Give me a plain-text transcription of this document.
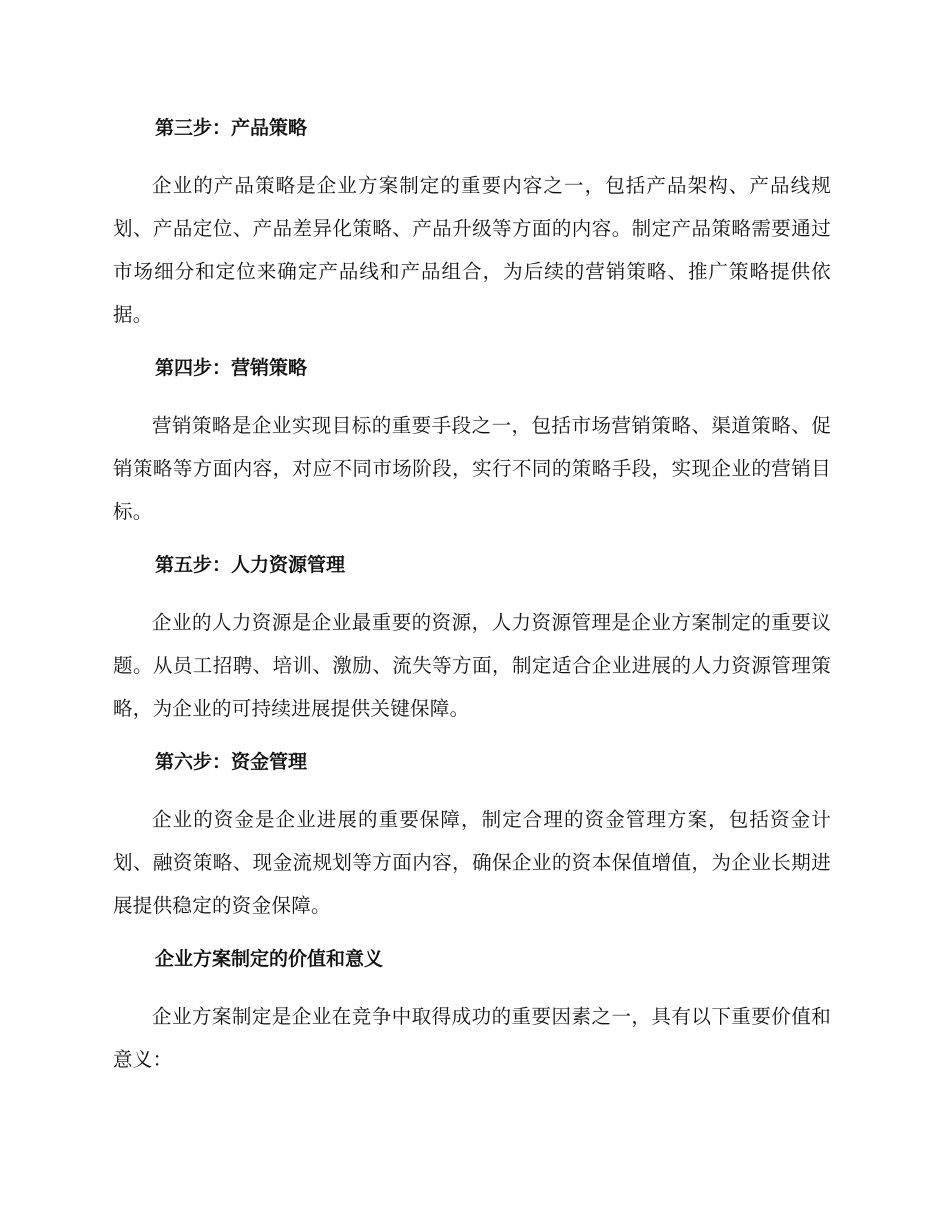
第三步：产品策略

企业的产品策略是企业方案制定的重要内容之一，包括产品架构、产品线规划、产品定位、产品差异化策略、产品升级等方面的内容。制定产品策略需要通过市场细分和定位来确定产品线和产品组合，为后续的营销策略、推广策略提供依据。

第四步：营销策略

营销策略是企业实现目标的重要手段之一，包括市场营销策略、渠道策略、促销策略等方面内容，对应不同市场阶段，实行不同的策略手段，实现企业的营销目标。

第五步：人力资源管理

企业的人力资源是企业最重要的资源，人力资源管理是企业方案制定的重要议题。从员工招聘、培训、激励、流失等方面，制定适合企业进展的人力资源管理策略，为企业的可持续进展提供关键保障。

第六步：资金管理

企业的资金是企业进展的重要保障，制定合理的资金管理方案，包括资金计划、融资策略、现金流规划等方面内容，确保企业的资本保值增值，为企业长期进展提供稳定的资金保障。

企业方案制定的价值和意义

企业方案制定是企业在竞争中取得成功的重要因素之一，具有以下重要价值和意义：
